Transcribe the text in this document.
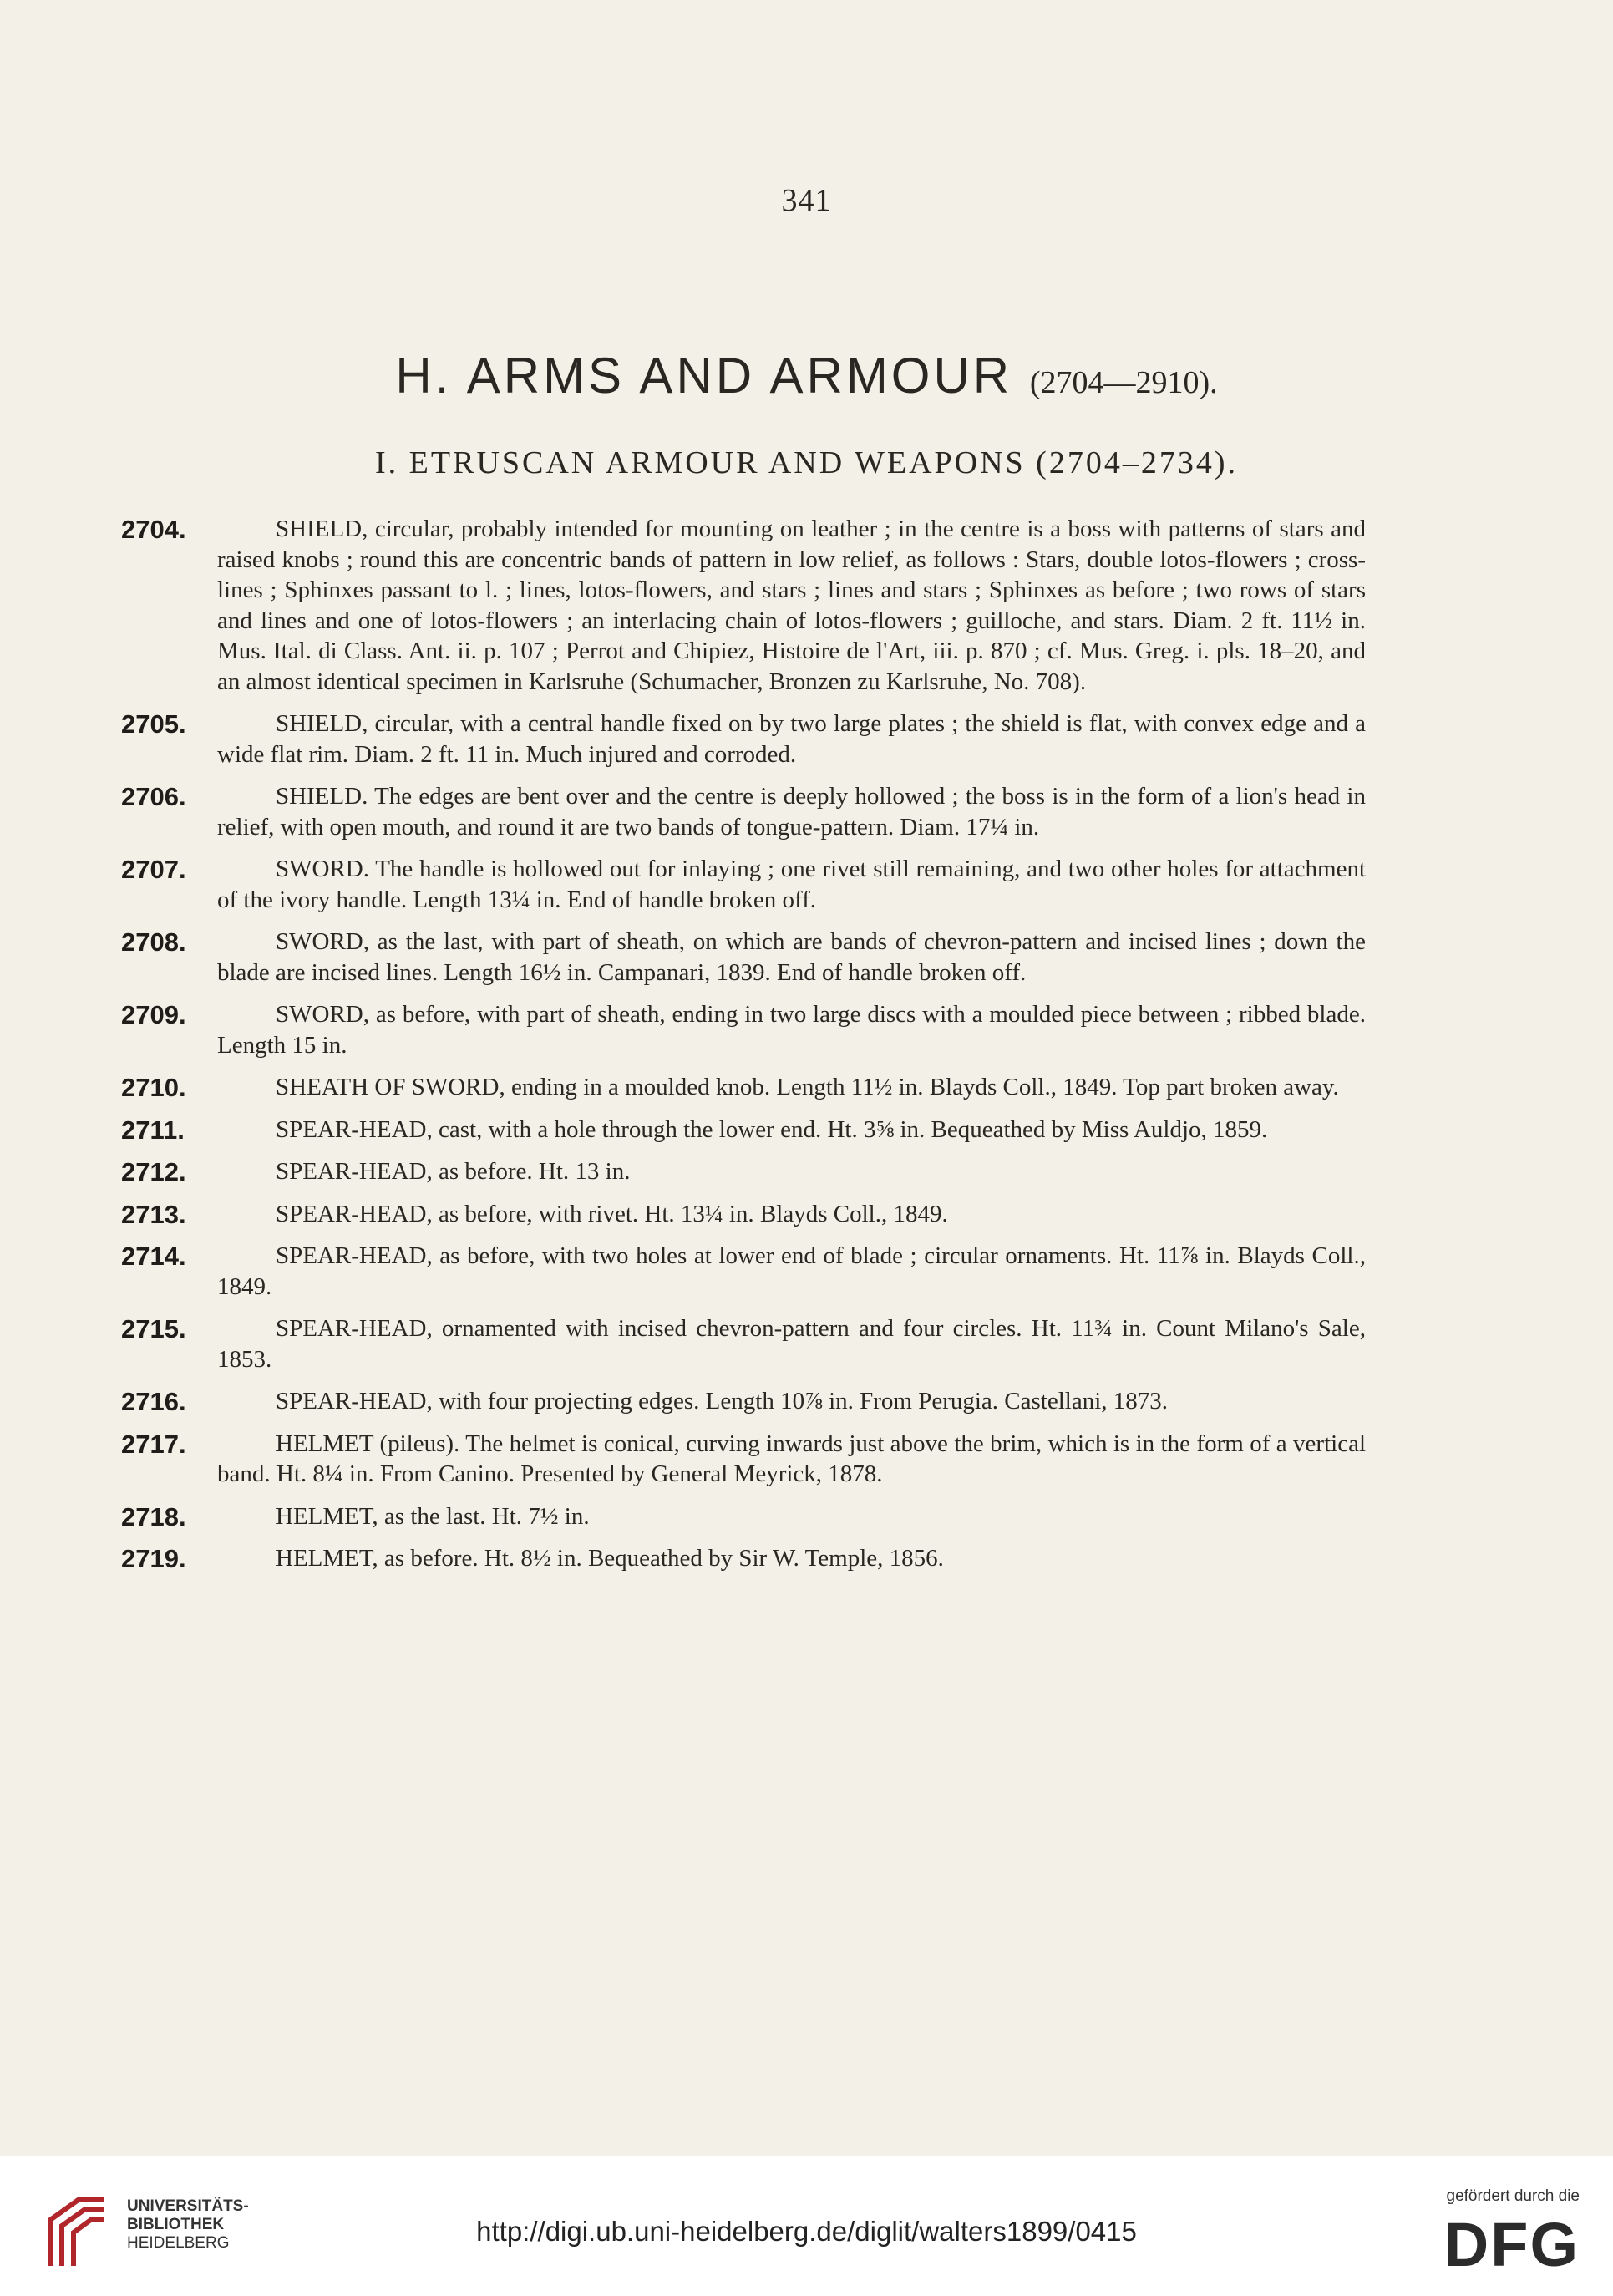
341
H. ARMS AND ARMOUR (2704—2910).
I. ETRUSCAN ARMOUR AND WEAPONS (2704–2734).
2704.	SHIELD, circular, probably intended for mounting on leather ; in the centre is a boss with patterns of stars and raised knobs ; round this are concentric bands of pattern in low relief, as follows : Stars, double lotos-flowers ; cross-lines ; Sphinxes passant to l. ; lines, lotos-flowers, and stars ; lines and stars ; Sphinxes as before ; two rows of stars and lines and one of lotos-flowers ; an interlacing chain of lotos-flowers ; guilloche, and stars. Diam. 2 ft. 11½ in. Mus. Ital. di Class. Ant. ii. p. 107 ; Perrot and Chipiez, Histoire de l'Art, iii. p. 870 ; cf. Mus. Greg. i. pls. 18–20, and an almost identical specimen in Karlsruhe (Schumacher, Bronzen zu Karlsruhe, No. 708).
2705.	SHIELD, circular, with a central handle fixed on by two large plates ; the shield is flat, with convex edge and a wide flat rim. Diam. 2 ft. 11 in. Much injured and corroded.
2706.	SHIELD. The edges are bent over and the centre is deeply hollowed ; the boss is in the form of a lion's head in relief, with open mouth, and round it are two bands of tongue-pattern. Diam. 17¼ in.
2707.	SWORD. The handle is hollowed out for inlaying ; one rivet still remaining, and two other holes for attachment of the ivory handle. Length 13¼ in. End of handle broken off.
2708.	SWORD, as the last, with part of sheath, on which are bands of chevron-pattern and incised lines ; down the blade are incised lines. Length 16½ in. Campanari, 1839. End of handle broken off.
2709.	SWORD, as before, with part of sheath, ending in two large discs with a moulded piece between ; ribbed blade. Length 15 in.
2710.	SHEATH OF SWORD, ending in a moulded knob. Length 11½ in. Blayds Coll., 1849. Top part broken away.
2711.	SPEAR-HEAD, cast, with a hole through the lower end. Ht. 3⅝ in. Bequeathed by Miss Auldjo, 1859.
2712.	SPEAR-HEAD, as before. Ht. 13 in.
2713.	SPEAR-HEAD, as before, with rivet. Ht. 13¼ in. Blayds Coll., 1849.
2714.	SPEAR-HEAD, as before, with two holes at lower end of blade ; circular ornaments. Ht. 11⅞ in. Blayds Coll., 1849.
2715.	SPEAR-HEAD, ornamented with incised chevron-pattern and four circles. Ht. 11¾ in. Count Milano's Sale, 1853.
2716.	SPEAR-HEAD, with four projecting edges. Length 10⅞ in. From Perugia. Castellani, 1873.
2717.	HELMET (pileus). The helmet is conical, curving inwards just above the brim, which is in the form of a vertical band. Ht. 8¼ in. From Canino. Presented by General Meyrick, 1878.
2718.	HELMET, as the last. Ht. 7½ in.
2719.	HELMET, as before. Ht. 8½ in. Bequeathed by Sir W. Temple, 1856.
UNIVERSITÄTS-
BIBLIOTHEK
HEIDELBERG	http://digi.ub.uni-heidelberg.de/diglit/walters1899/0415
gefördert durch die
DFG
